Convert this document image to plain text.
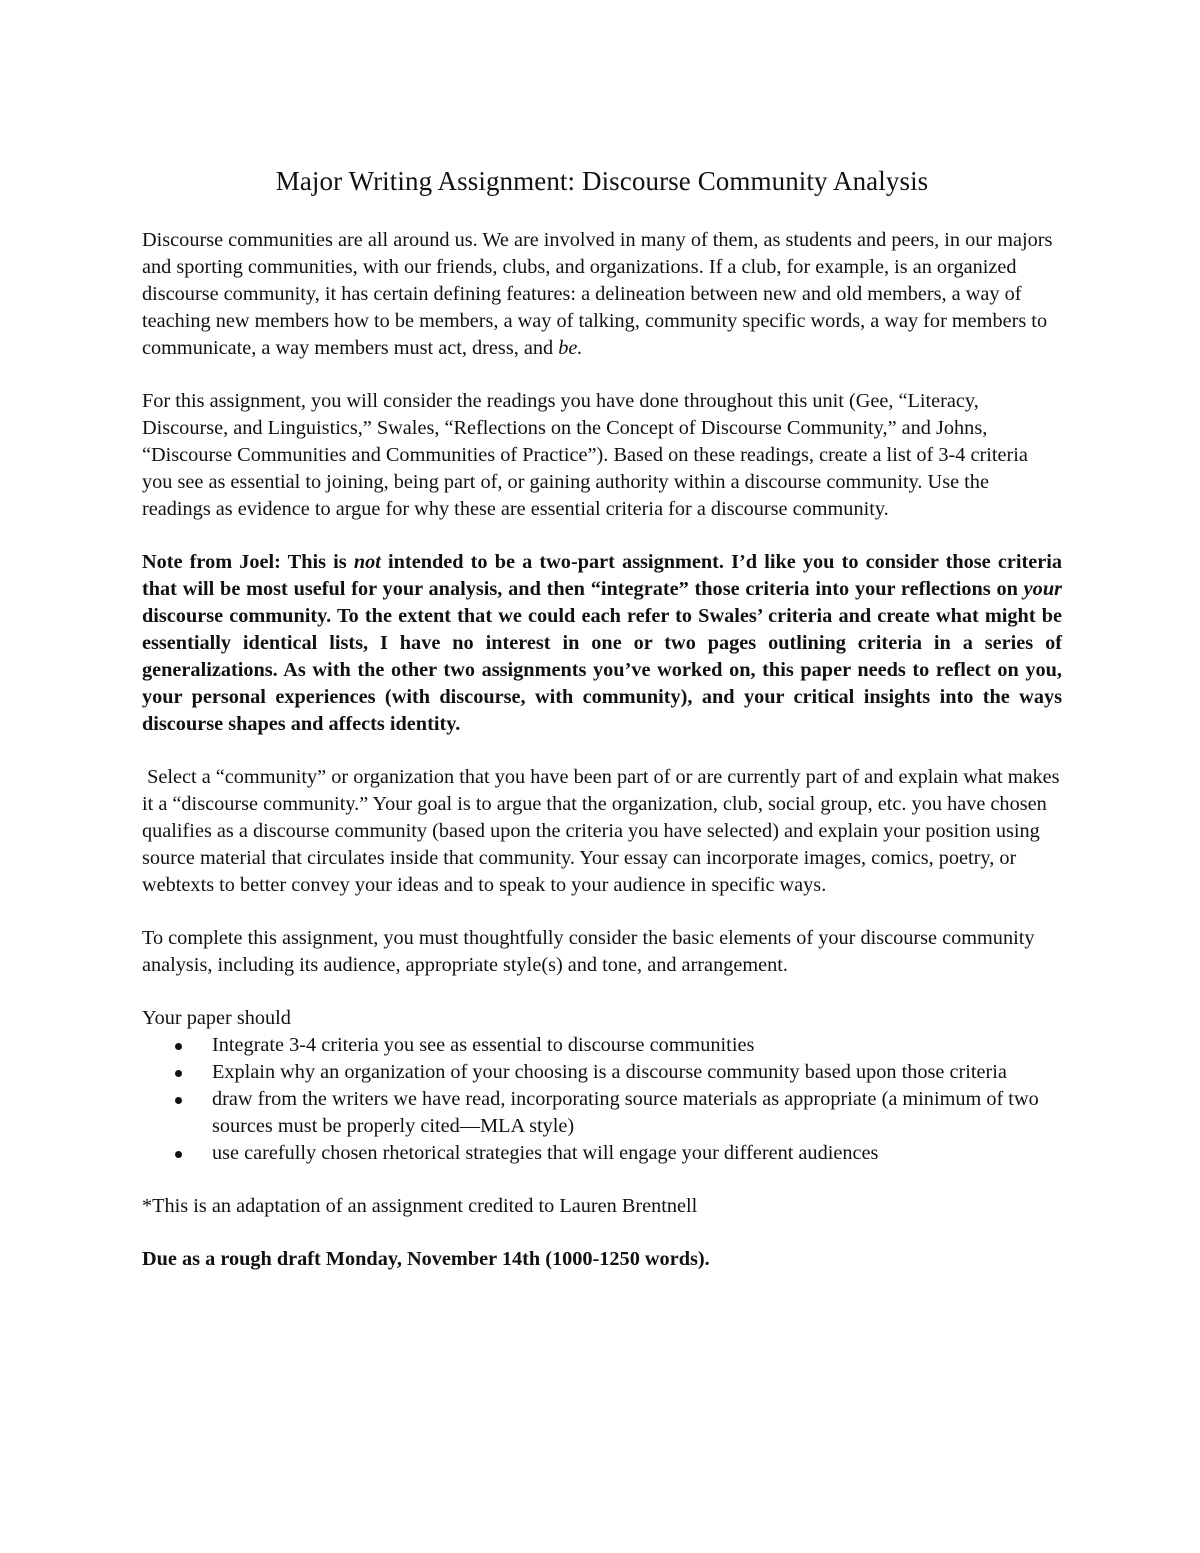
Major Writing Assignment: Discourse Community Analysis

Discourse communities are all around us. We are involved in many of them, as students and peers, in our majors and sporting communities, with our friends, clubs, and organizations. If a club, for example, is an organized discourse community, it has certain defining features: a delineation between new and old members, a way of teaching new members how to be members, a way of talking, community specific words, a way for members to communicate, a way members must act, dress, and be.

For this assignment, you will consider the readings you have done throughout this unit (Gee, “Literacy, Discourse, and Linguistics,” Swales, “Reflections on the Concept of Discourse Community,” and Johns, “Discourse Communities and Communities of Practice”). Based on these readings, create a list of 3-4 criteria you see as essential to joining, being part of, or gaining authority within a discourse community. Use the readings as evidence to argue for why these are essential criteria for a discourse community.

Note from Joel: This is not intended to be a two-part assignment. I’d like you to consider those criteria that will be most useful for your analysis, and then “integrate” those criteria into your reflections on your discourse community. To the extent that we could each refer to Swales’ criteria and create what might be essentially identical lists, I have no interest in one or two pages outlining criteria in a series of generalizations. As with the other two assignments you’ve worked on, this paper needs to reflect on you, your personal experiences (with discourse, with community), and your critical insights into the ways discourse shapes and affects identity.

Select a “community” or organization that you have been part of or are currently part of and explain what makes it a “discourse community.” Your goal is to argue that the organization, club, social group, etc. you have chosen qualifies as a discourse community (based upon the criteria you have selected) and explain your position using source material that circulates inside that community. Your essay can incorporate images, comics, poetry, or webtexts to better convey your ideas and to speak to your audience in specific ways.

To complete this assignment, you must thoughtfully consider the basic elements of your discourse community analysis, including its audience, appropriate style(s) and tone, and arrangement.

Your paper should

Integrate 3-4 criteria you see as essential to discourse communities
Explain why an organization of your choosing is a discourse community based upon those criteria
draw from the writers we have read, incorporating source materials as appropriate (a minimum of two sources must be properly cited—MLA style)
use carefully chosen rhetorical strategies that will engage your different audiences

*This is an adaptation of an assignment credited to Lauren Brentnell

Due as a rough draft Monday, November 14th (1000-1250 words).
